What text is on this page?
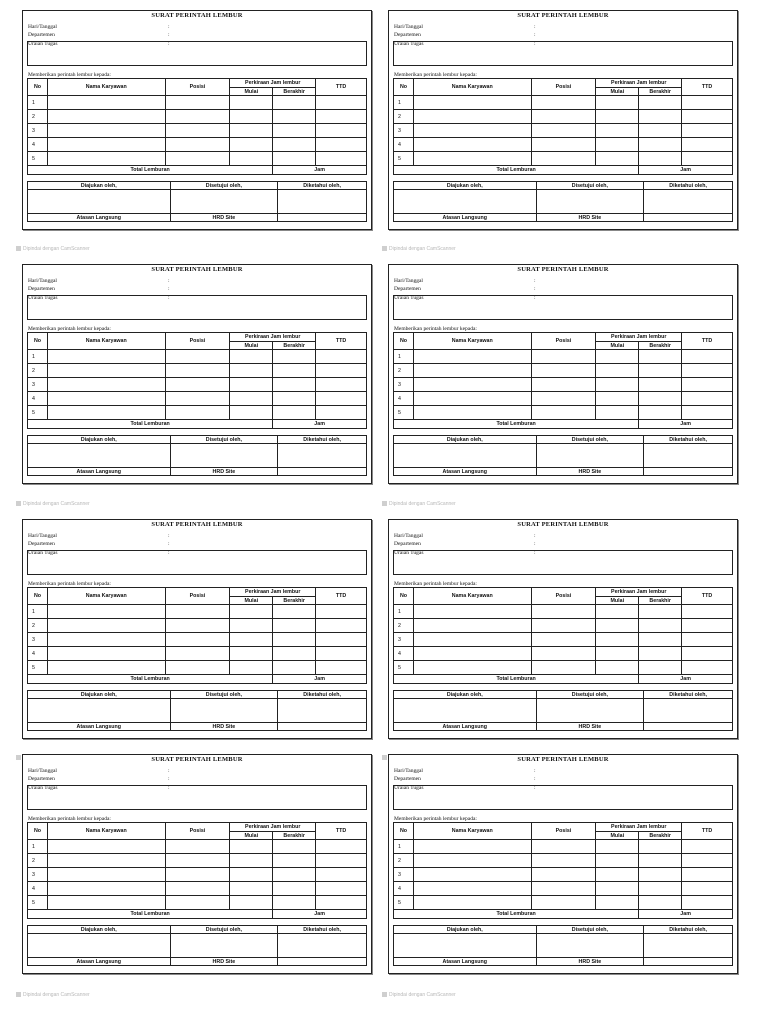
SURAT PERINTAH LEMBUR
Hari/Tanggal	:
Departemen	:
Uraian Tugas	:
Memberikan perintah lembur kepada:
No	Nama Karyawan	Posisi	Perkiraan Jam lembur		TTD
			Mulai	Berakhir	
1					
2					
3					
4					
5					
Total Lemburan				Jam	
Diajukan oleh,	Disetujui oleh,	Diketahui oleh,

Atasan Langsung	HRD Site	
Dipindai dengan CamScanner
SURAT PERINTAH LEMBUR
Hari/Tanggal	:
Departemen	:
Uraian Tugas	:
Memberikan perintah lembur kepada:
No	Nama Karyawan	Posisi	Perkiraan Jam lembur		TTD
			Mulai	Berakhir	
1					
2					
3					
4					
5					
Total Lemburan				Jam	
Diajukan oleh,	Disetujui oleh,	Diketahui oleh,

Atasan Langsung	HRD Site	
Dipindai dengan CamScanner
SURAT PERINTAH LEMBUR
Hari/Tanggal	:
Departemen	:
Uraian Tugas	:
Memberikan perintah lembur kepada:
No	Nama Karyawan	Posisi	Perkiraan Jam lembur		TTD
			Mulai	Berakhir	
1					
2					
3					
4					
5					
Total Lemburan				Jam	
Diajukan oleh,	Disetujui oleh,	Diketahui oleh,

Atasan Langsung	HRD Site	
Dipindai dengan CamScanner
SURAT PERINTAH LEMBUR
Hari/Tanggal	:
Departemen	:
Uraian Tugas	:
Memberikan perintah lembur kepada:
No	Nama Karyawan	Posisi	Perkiraan Jam lembur		TTD
			Mulai	Berakhir	
1					
2					
3					
4					
5					
Total Lemburan				Jam	
Diajukan oleh,	Disetujui oleh,	Diketahui oleh,

Atasan Langsung	HRD Site	
Dipindai dengan CamScanner
SURAT PERINTAH LEMBUR
Hari/Tanggal	:
Departemen	:
Uraian Tugas	:
Memberikan perintah lembur kepada:
No	Nama Karyawan	Posisi	Perkiraan Jam lembur		TTD
			Mulai	Berakhir	
1					
2					
3					
4					
5					
Total Lemburan				Jam	
Diajukan oleh,	Disetujui oleh,	Diketahui oleh,

Atasan Langsung	HRD Site	
SURAT PERINTAH LEMBUR
Hari/Tanggal	:
Departemen	:
Uraian Tugas	:
Memberikan perintah lembur kepada:
No	Nama Karyawan	Posisi	Perkiraan Jam lembur		TTD
			Mulai	Berakhir	
1					
2					
3					
4					
5					
Total Lemburan				Jam	
Diajukan oleh,	Disetujui oleh,	Diketahui oleh,

Atasan Langsung	HRD Site	
SURAT PERINTAH LEMBUR
Hari/Tanggal	:
Departemen	:
Uraian Tugas	:
Memberikan perintah lembur kepada:
No	Nama Karyawan	Posisi	Perkiraan Jam lembur		TTD
			Mulai	Berakhir	
1					
2					
3					
4					
5					
Total Lemburan				Jam	
Diajukan oleh,	Disetujui oleh,	Diketahui oleh,

Atasan Langsung	HRD Site	
Dipindai dengan CamScanner
SURAT PERINTAH LEMBUR
Hari/Tanggal	:
Departemen	:
Uraian Tugas	:
Memberikan perintah lembur kepada:
No	Nama Karyawan	Posisi	Perkiraan Jam lembur		TTD
			Mulai	Berakhir	
1					
2					
3					
4					
5					
Total Lemburan				Jam	
Diajukan oleh,	Disetujui oleh,	Diketahui oleh,

Atasan Langsung	HRD Site	
Dipindai dengan CamScanner
